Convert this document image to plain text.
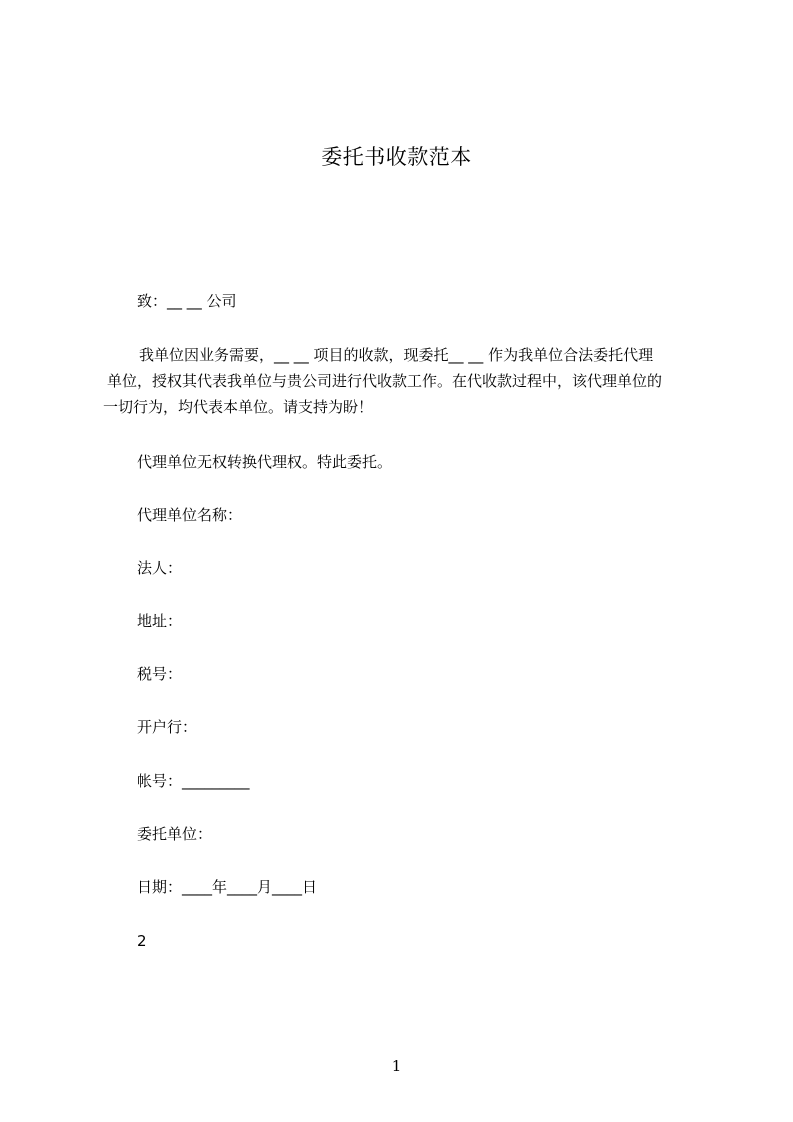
委托书收款范本
致：__ __ 公司
我单位因业务需要，__ __ 项目的收款，现委托__ __ 作为我单位合法委托代理
单位，授权其代表我单位与贵公司进行代收款工作。在代收款过程中，该代理单位的
一切行为，均代表本单位。请支持为盼！
代理单位无权转换代理权。特此委托。
代理单位名称：
法人：
地址：
税号：
开户行：
帐号：_________
委托单位：
日期：____年____月____日
2
1
